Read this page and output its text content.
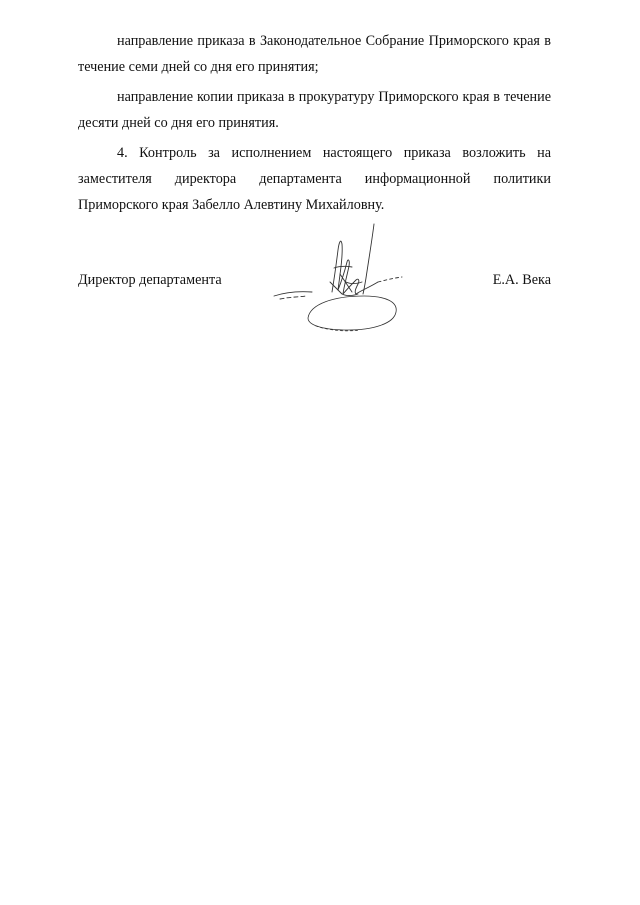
направление приказа в Законодательное Собрание Приморского края в течение семи дней со дня его принятия;

направление копии приказа в прокуратуру Приморского края в течение десяти дней со дня его принятия.

4. Контроль за исполнением настоящего приказа возложить на заместителя директора департамента информационной политики Приморского края Забелло Алевтину Михайловну.

Директор департамента	Е.А. Века
